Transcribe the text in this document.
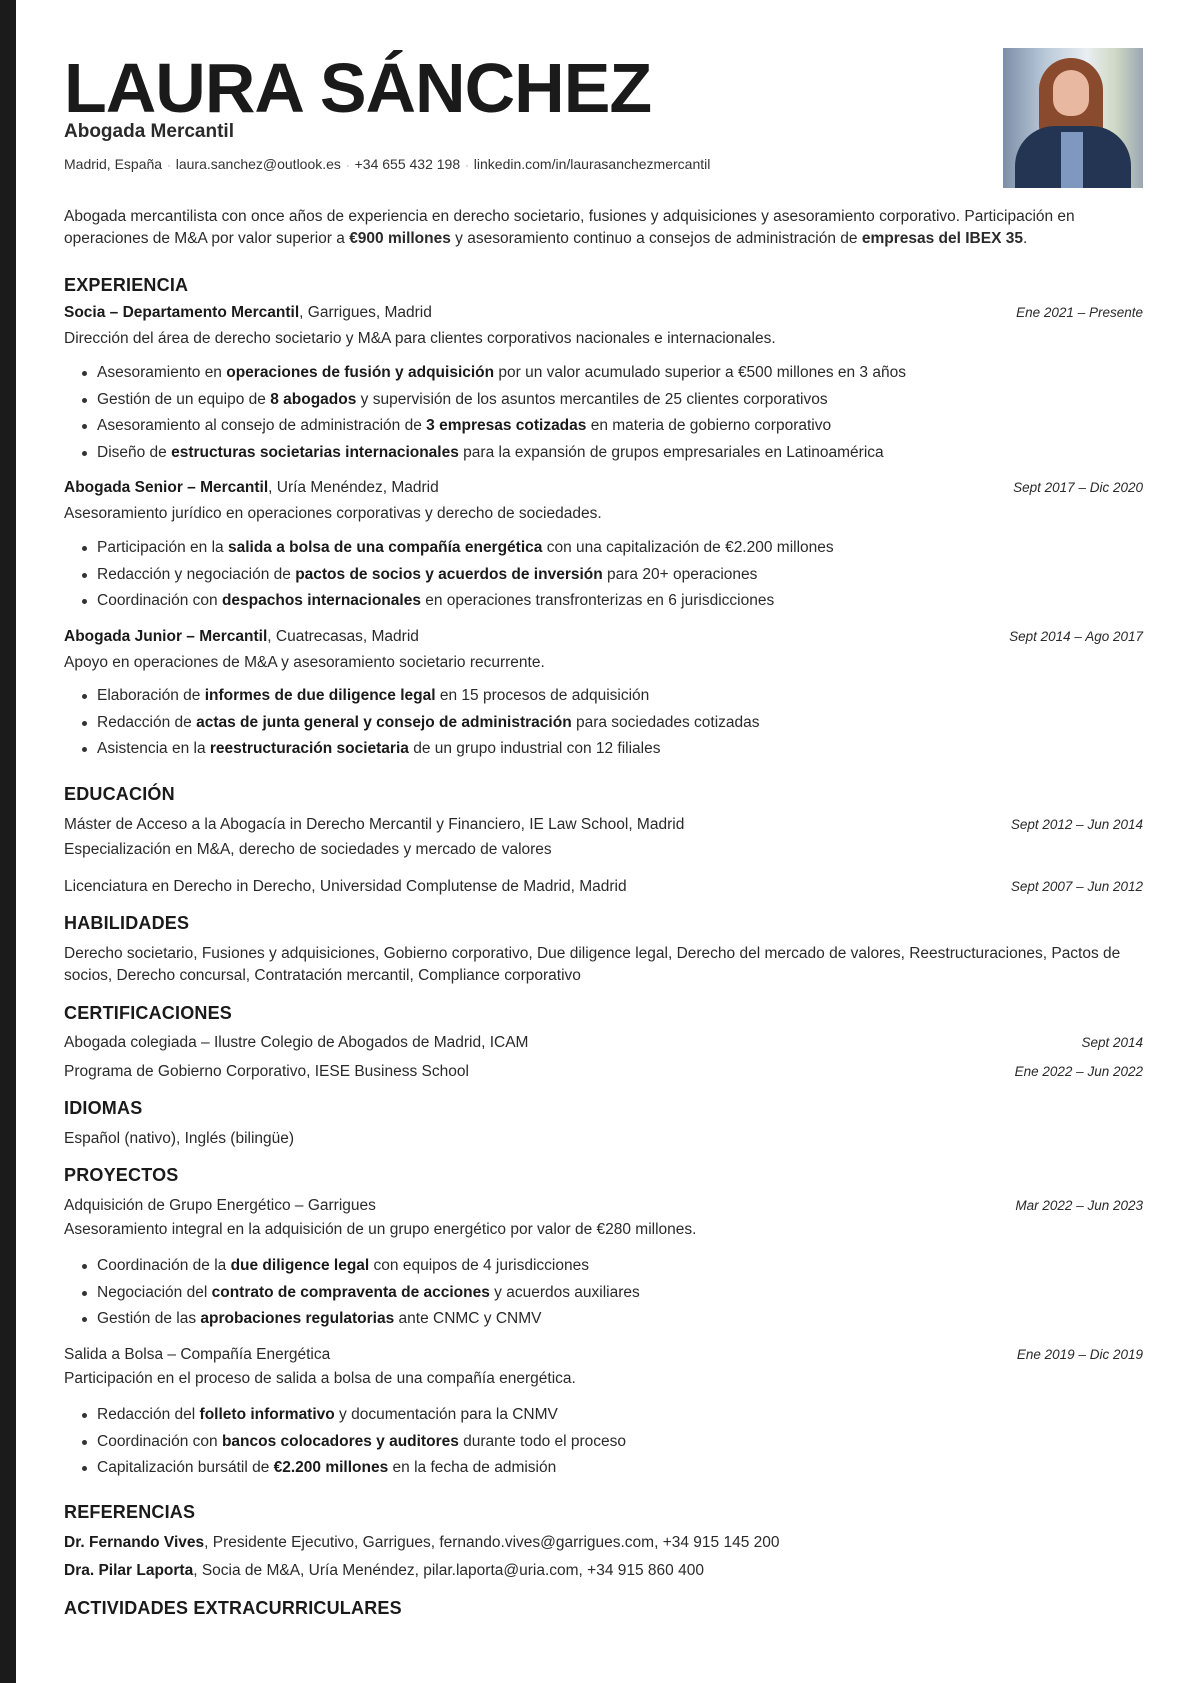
LAURA SÁNCHEZ
Abogada Mercantil
Madrid, España · laura.sanchez@outlook.es · +34 655 432 198 · linkedin.com/in/laurasanchezmercantil
Abogada mercantilista con once años de experiencia en derecho societario, fusiones y adquisiciones y asesoramiento corporativo. Participación en operaciones de M&A por valor superior a €900 millones y asesoramiento continuo a consejos de administración de empresas del IBEX 35.
EXPERIENCIA
Socia – Departamento Mercantil, Garrigues, Madrid	Ene 2021 – Presente
Dirección del área de derecho societario y M&A para clientes corporativos nacionales e internacionales.
Asesoramiento en operaciones de fusión y adquisición por un valor acumulado superior a €500 millones en 3 años
Gestión de un equipo de 8 abogados y supervisión de los asuntos mercantiles de 25 clientes corporativos
Asesoramiento al consejo de administración de 3 empresas cotizadas en materia de gobierno corporativo
Diseño de estructuras societarias internacionales para la expansión de grupos empresariales en Latinoamérica
Abogada Senior – Mercantil, Uría Menéndez, Madrid	Sept 2017 – Dic 2020
Asesoramiento jurídico en operaciones corporativas y derecho de sociedades.
Participación en la salida a bolsa de una compañía energética con una capitalización de €2.200 millones
Redacción y negociación de pactos de socios y acuerdos de inversión para 20+ operaciones
Coordinación con despachos internacionales en operaciones transfronterizas en 6 jurisdicciones
Abogada Junior – Mercantil, Cuatrecasas, Madrid	Sept 2014 – Ago 2017
Apoyo en operaciones de M&A y asesoramiento societario recurrente.
Elaboración de informes de due diligence legal en 15 procesos de adquisición
Redacción de actas de junta general y consejo de administración para sociedades cotizadas
Asistencia en la reestructuración societaria de un grupo industrial con 12 filiales
EDUCACIÓN
Máster de Acceso a la Abogacía in Derecho Mercantil y Financiero, IE Law School, Madrid	Sept 2012 – Jun 2014
Especialización en M&A, derecho de sociedades y mercado de valores
Licenciatura en Derecho in Derecho, Universidad Complutense de Madrid, Madrid	Sept 2007 – Jun 2012
HABILIDADES
Derecho societario, Fusiones y adquisiciones, Gobierno corporativo, Due diligence legal, Derecho del mercado de valores, Reestructuraciones, Pactos de socios, Derecho concursal, Contratación mercantil, Compliance corporativo
CERTIFICACIONES
Abogada colegiada – Ilustre Colegio de Abogados de Madrid, ICAM	Sept 2014
Programa de Gobierno Corporativo, IESE Business School	Ene 2022 – Jun 2022
IDIOMAS
Español (nativo), Inglés (bilingüe)
PROYECTOS
Adquisición de Grupo Energético – Garrigues	Mar 2022 – Jun 2023
Asesoramiento integral en la adquisición de un grupo energético por valor de €280 millones.
Coordinación de la due diligence legal con equipos de 4 jurisdicciones
Negociación del contrato de compraventa de acciones y acuerdos auxiliares
Gestión de las aprobaciones regulatorias ante CNMC y CNMV
Salida a Bolsa – Compañía Energética	Ene 2019 – Dic 2019
Participación en el proceso de salida a bolsa de una compañía energética.
Redacción del folleto informativo y documentación para la CNMV
Coordinación con bancos colocadores y auditores durante todo el proceso
Capitalización bursátil de €2.200 millones en la fecha de admisión
REFERENCIAS
Dr. Fernando Vives, Presidente Ejecutivo, Garrigues, fernando.vives@garrigues.com, +34 915 145 200
Dra. Pilar Laporta, Socia de M&A, Uría Menéndez, pilar.laporta@uria.com, +34 915 860 400
ACTIVIDADES EXTRACURRICULARES
